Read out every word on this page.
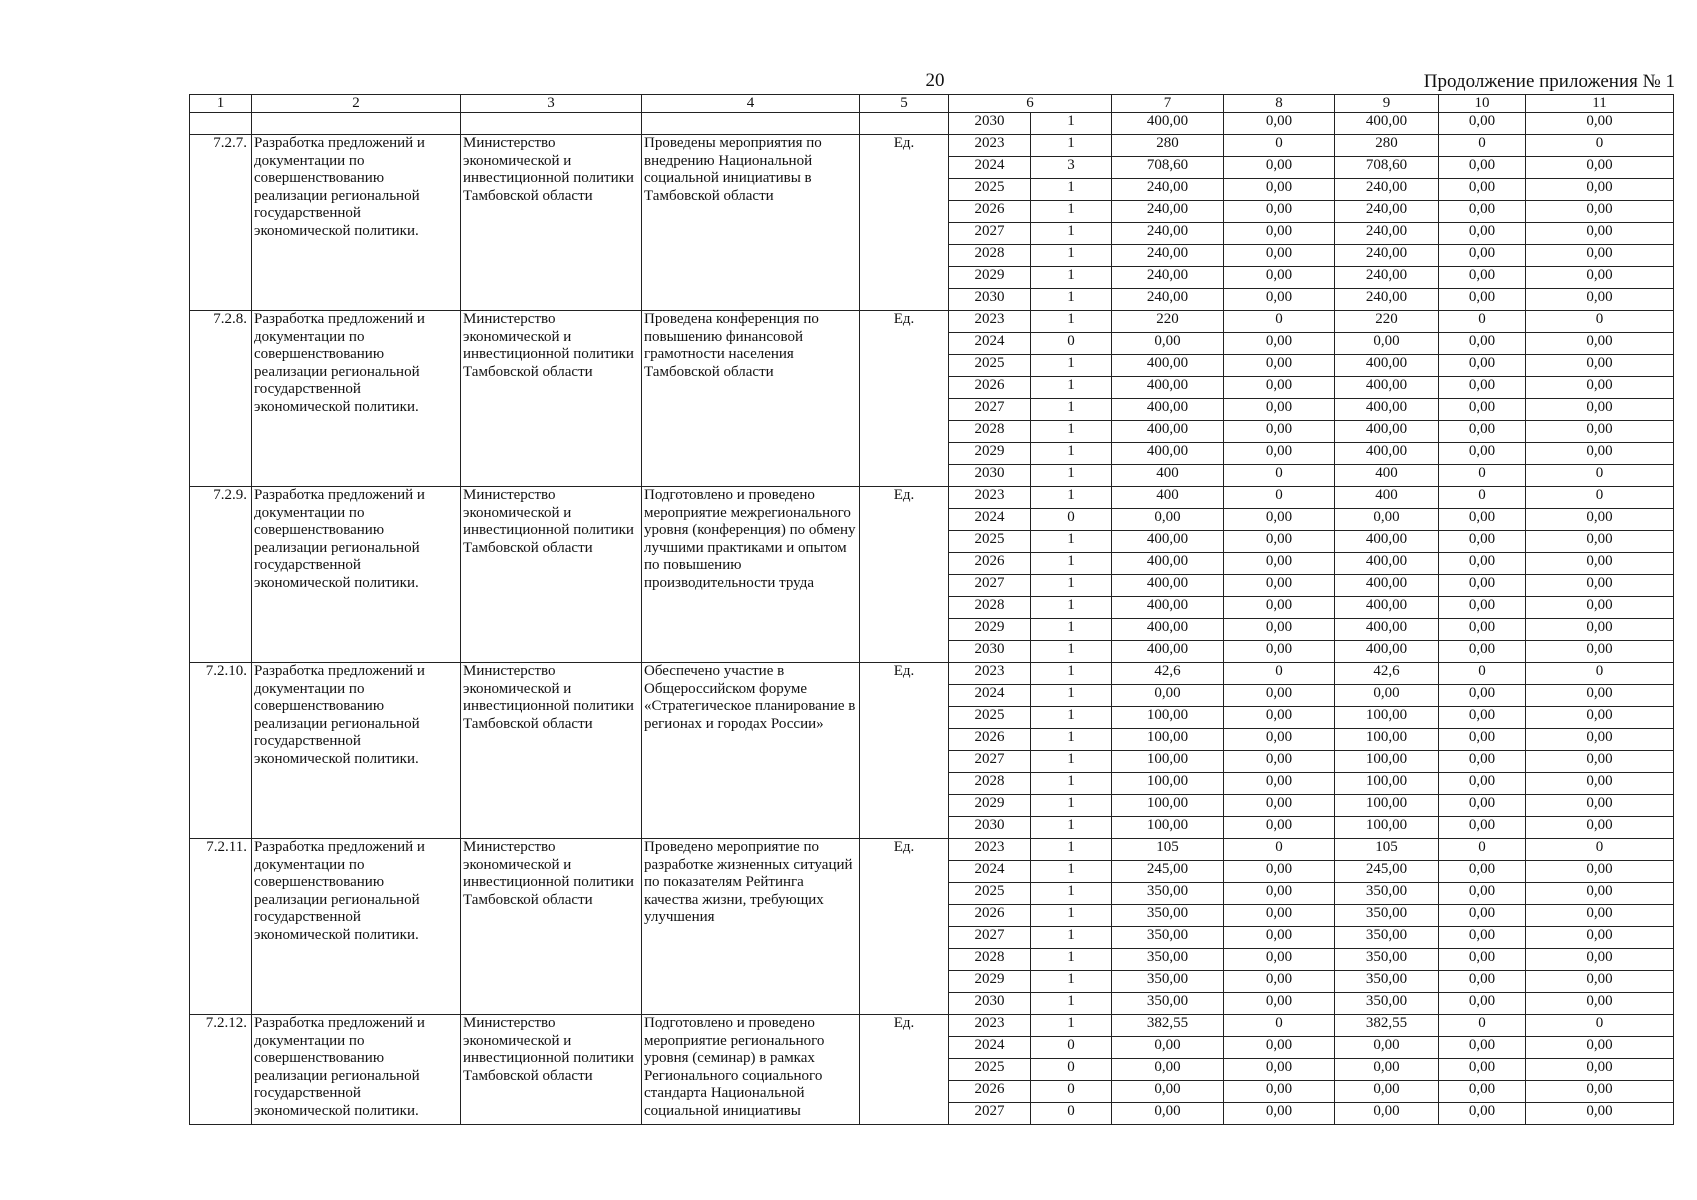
20	Продолжение приложения № 1
1	2	3	4	5	6		7	8	9	10	11
					2030	1	400,00	0,00	400,00	0,00	0,00
7.2.7.	Разработка предложений и документации по совершенствованию реализации региональной государственной экономической политики.	Министерство экономической и инвестиционной политики Тамбовской области	Проведены мероприятия по внедрению Национальной социальной инициативы в Тамбовской области	Ед.	2023	1	280	0	280	0	0
					2024	3	708,60	0,00	708,60	0,00	0,00
					2025	1	240,00	0,00	240,00	0,00	0,00
					2026	1	240,00	0,00	240,00	0,00	0,00
					2027	1	240,00	0,00	240,00	0,00	0,00
					2028	1	240,00	0,00	240,00	0,00	0,00
					2029	1	240,00	0,00	240,00	0,00	0,00
					2030	1	240,00	0,00	240,00	0,00	0,00
7.2.8.	Разработка предложений и документации по совершенствованию реализации региональной государственной экономической политики.	Министерство экономической и инвестиционной политики Тамбовской области	Проведена конференция по повышению финансовой грамотности населения Тамбовской области	Ед.	2023	1	220	0	220	0	0
					2024	0	0,00	0,00	0,00	0,00	0,00
					2025	1	400,00	0,00	400,00	0,00	0,00
					2026	1	400,00	0,00	400,00	0,00	0,00
					2027	1	400,00	0,00	400,00	0,00	0,00
					2028	1	400,00	0,00	400,00	0,00	0,00
					2029	1	400,00	0,00	400,00	0,00	0,00
					2030	1	400	0	400	0	0
7.2.9.	Разработка предложений и документации по совершенствованию реализации региональной государственной экономической политики.	Министерство экономической и инвестиционной политики Тамбовской области	Подготовлено и проведено мероприятие межрегионального уровня (конференция) по обмену лучшими практиками и опытом по повышению производительности труда	Ед.	2023	1	400	0	400	0	0
					2024	0	0,00	0,00	0,00	0,00	0,00
					2025	1	400,00	0,00	400,00	0,00	0,00
					2026	1	400,00	0,00	400,00	0,00	0,00
					2027	1	400,00	0,00	400,00	0,00	0,00
					2028	1	400,00	0,00	400,00	0,00	0,00
					2029	1	400,00	0,00	400,00	0,00	0,00
					2030	1	400,00	0,00	400,00	0,00	0,00
7.2.10.	Разработка предложений и документации по совершенствованию реализации региональной государственной экономической политики.	Министерство экономической и инвестиционной политики Тамбовской области	Обеспечено участие в Общероссийском форуме «Стратегическое планирование в регионах и городах России»	Ед.	2023	1	42,6	0	42,6	0	0
					2024	1	0,00	0,00	0,00	0,00	0,00
					2025	1	100,00	0,00	100,00	0,00	0,00
					2026	1	100,00	0,00	100,00	0,00	0,00
					2027	1	100,00	0,00	100,00	0,00	0,00
					2028	1	100,00	0,00	100,00	0,00	0,00
					2029	1	100,00	0,00	100,00	0,00	0,00
					2030	1	100,00	0,00	100,00	0,00	0,00
7.2.11.	Разработка предложений и документации по совершенствованию реализации региональной государственной экономической политики.	Министерство экономической и инвестиционной политики Тамбовской области	Проведено мероприятие по разработке жизненных ситуаций по показателям Рейтинга качества жизни, требующих улучшения	Ед.	2023	1	105	0	105	0	0
					2024	1	245,00	0,00	245,00	0,00	0,00
					2025	1	350,00	0,00	350,00	0,00	0,00
					2026	1	350,00	0,00	350,00	0,00	0,00
					2027	1	350,00	0,00	350,00	0,00	0,00
					2028	1	350,00	0,00	350,00	0,00	0,00
					2029	1	350,00	0,00	350,00	0,00	0,00
					2030	1	350,00	0,00	350,00	0,00	0,00
7.2.12.	Разработка предложений и документации по совершенствованию реализации региональной государственной экономической политики.	Министерство экономической и инвестиционной политики Тамбовской области	Подготовлено и проведено мероприятие регионального уровня (семинар) в рамках Регионального социального стандарта Национальной социальной инициативы	Ед.	2023	1	382,55	0	382,55	0	0
					2024	0	0,00	0,00	0,00	0,00	0,00
					2025	0	0,00	0,00	0,00	0,00	0,00
					2026	0	0,00	0,00	0,00	0,00	0,00
					2027	0	0,00	0,00	0,00	0,00	0,00
